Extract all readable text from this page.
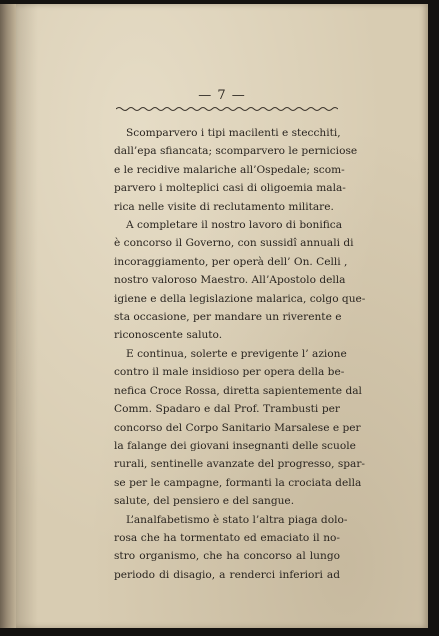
— 7 —

Scomparvero i tipi macilenti e stecchiti,
dall’epa sfiancata; scomparvero le perniciose
e le recidive malariche all’Ospedale; scom-
parvero i molteplici casi di oligoemia mala-
rica nelle visite di reclutamento militare.

A completare il nostro lavoro di bonifica
è concorso il Governo, con sussidî annuali di
incoraggiamento, per operà dell’ On. Celli ,
nostro valoroso Maestro. All’Apostolo della
igiene e della legislazione malarica, colgo que-
sta occasione, per mandare un riverente e
riconoscente saluto.

E continua, solerte e previgente l’ azione
contro il male insidioso per opera della be-
nefica Croce Rossa, diretta sapientemente dal
Comm. Spadaro e dal Prof. Trambusti per
concorso del Corpo Sanitario Marsalese e per
la falange dei giovani insegnanti delle scuole
rurali, sentinelle avanzate del progresso, spar-
se per le campagne, formanti la crociata della
salute, del pensiero e del sangue.

L’analfabetismo è stato l’altra piaga dolo-
rosa che ha tormentato ed emaciato il no-
stro organismo, che ha concorso al lungo
periodo di disagio, a renderci inferiori ad
